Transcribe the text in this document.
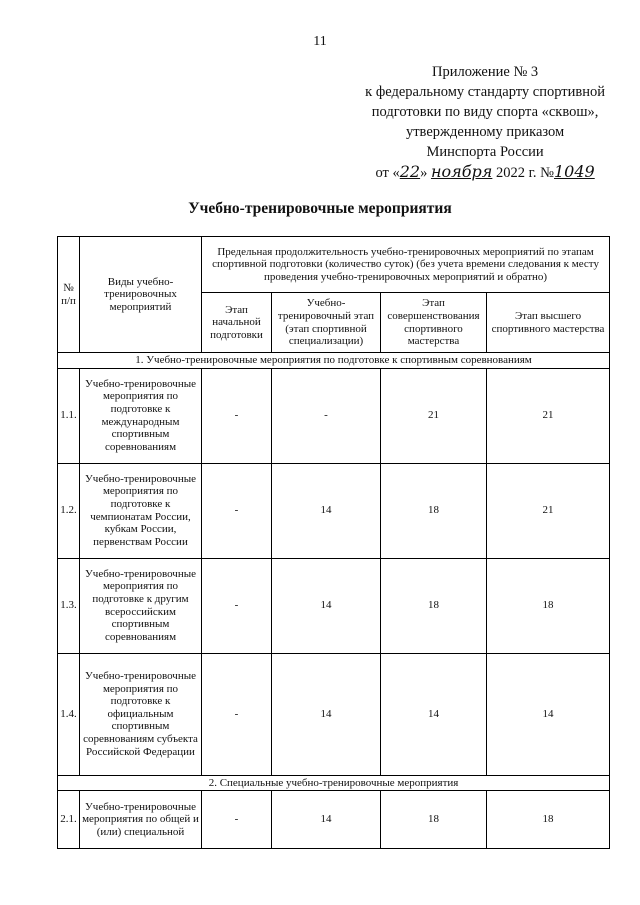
11
Приложение № 3
к федеральному стандарту спортивной
подготовки по виду спорта «сквош»,
утвержденному приказом
Минспорта России
от «22» ноября 2022 г. №1049
Учебно-тренировочные мероприятия
№ п/п	Виды учебно-тренировочных мероприятий	Предельная продолжительность учебно-тренировочных мероприятий по этапам спортивной подготовки (количество суток) (без учета времени следования к месту проведения учебно-тренировочных мероприятий и обратно)			
		Этап начальной подготовки	Учебно-тренировочный этап (этап спортивной специализации)	Этап совершенствования спортивного мастерства	Этап высшего спортивного мастерства
1. Учебно-тренировочные мероприятия по подготовке к спортивным соревнованиям					
1.1.	Учебно-тренировочные мероприятия по подготовке к международным спортивным соревнованиям	-	-	21	21
1.2.	Учебно-тренировочные мероприятия по подготовке к чемпионатам России, кубкам России, первенствам России	-	14	18	21
1.3.	Учебно-тренировочные мероприятия по подготовке к другим всероссийским спортивным соревнованиям	-	14	18	18
1.4.	Учебно-тренировочные мероприятия по подготовке к официальным спортивным соревнованиям субъекта Российской Федерации	-	14	14	14
2. Специальные учебно-тренировочные мероприятия					
2.1.	Учебно-тренировочные мероприятия по общей и (или) специальной	-	14	18	18
